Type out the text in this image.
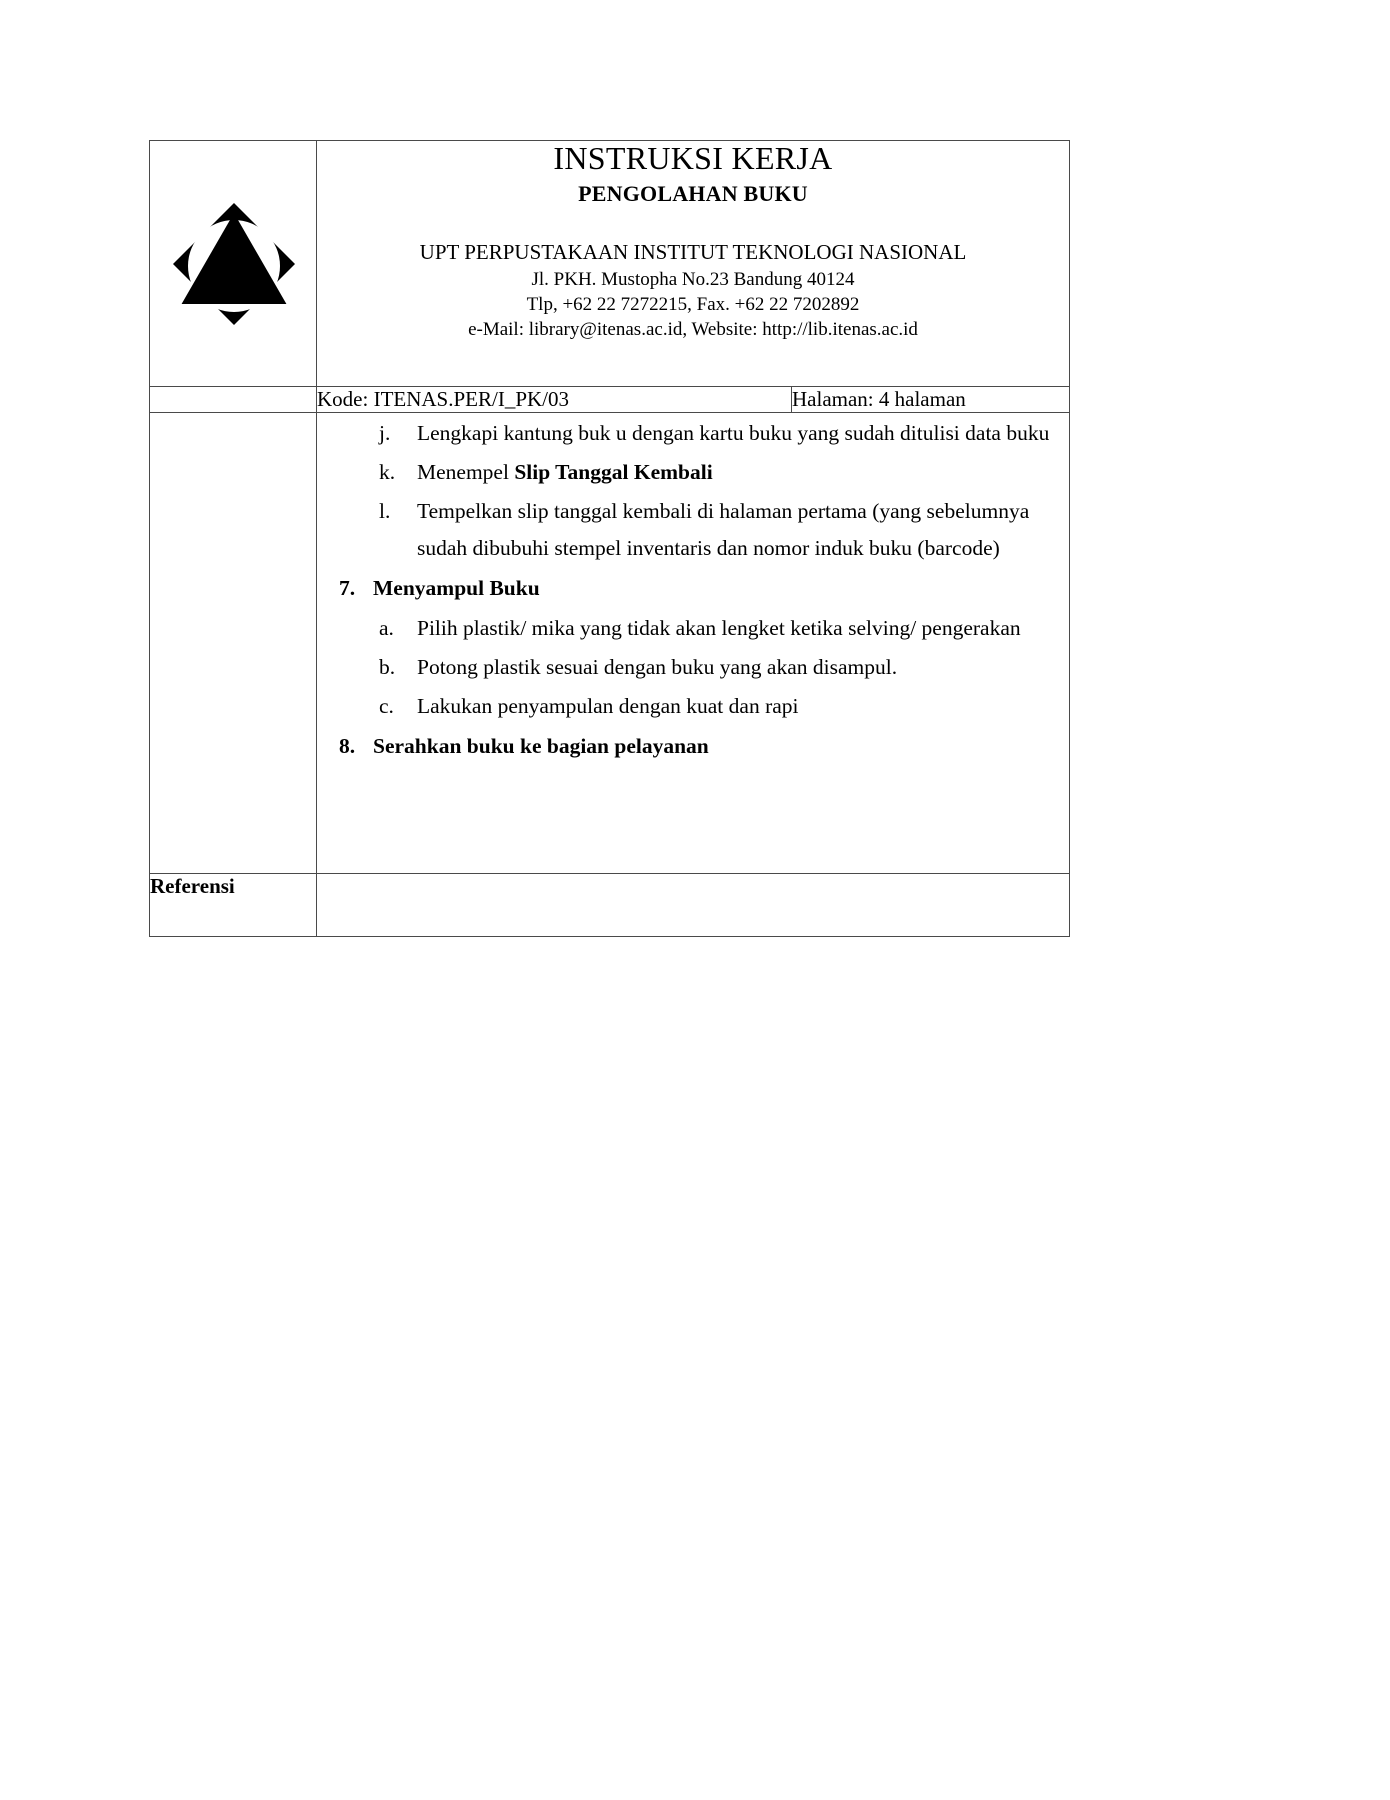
INSTRUKSI KERJA
PENGOLAHAN BUKU
UPT PERPUSTAKAAN INSTITUT TEKNOLOGI NASIONAL
Jl. PKH. Mustopha No.23 Bandung 40124
Tlp, +62 22 7272215, Fax. +62 22 7202892
e-Mail: library@itenas.ac.id, Website: http://lib.itenas.ac.id

	Kode: ITENAS.PER/I_PK/03	Halaman: 4 halaman

j.	Lengkapi kantung buk u dengan kartu buku yang sudah ditulisi data buku
k.	Menempel Slip Tanggal Kembali
l.	Tempelkan slip tanggal kembali di halaman pertama (yang sebelumnya sudah dibubuhi stempel inventaris dan nomor induk buku (barcode)
7. Menyampul Buku
a.	Pilih plastik/ mika yang tidak akan lengket ketika selving/ pengerakan
b.	Potong plastik sesuai dengan buku yang akan disampul.
c.	Lakukan penyampulan dengan kuat dan rapi
8. Serahkan buku ke bagian pelayanan

Referensi		
